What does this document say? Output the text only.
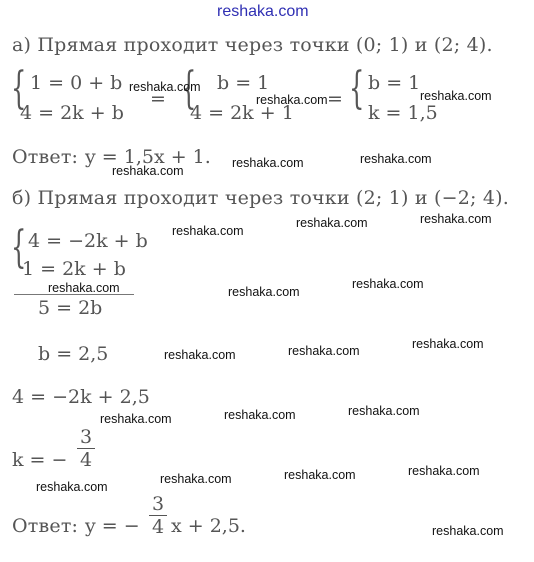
reshaka.com
а) Прямая проходит через точки (0; 1) и (2; 4).
{ 1 = 0 + b
4 = 2k + b
= { b = 1
4 = 2k + 1
= { b = 1
k = 1,5
Ответ: y = 1,5x + 1.
б) Прямая проходит через точки (2; 1) и (−2; 4).
{ 4 = −2k + b
1 = 2k + b
5 = 2b
b = 2,5
4 = −2k + 2,5
k = −
3
4
Ответ: y = −
3
4 x + 2,5.
reshaka.com
reshaka.com	reshaka.com
reshaka.com
reshaka.com	reshaka.com
reshaka.com	reshaka.com
reshaka.com
reshaka.com	reshaka.com
reshaka.com
reshaka.com	reshaka.com	reshaka.com
reshaka.com	reshaka.com	reshaka.com
reshaka.com	reshaka.com	reshaka.com
reshaka.com
reshaka.com
